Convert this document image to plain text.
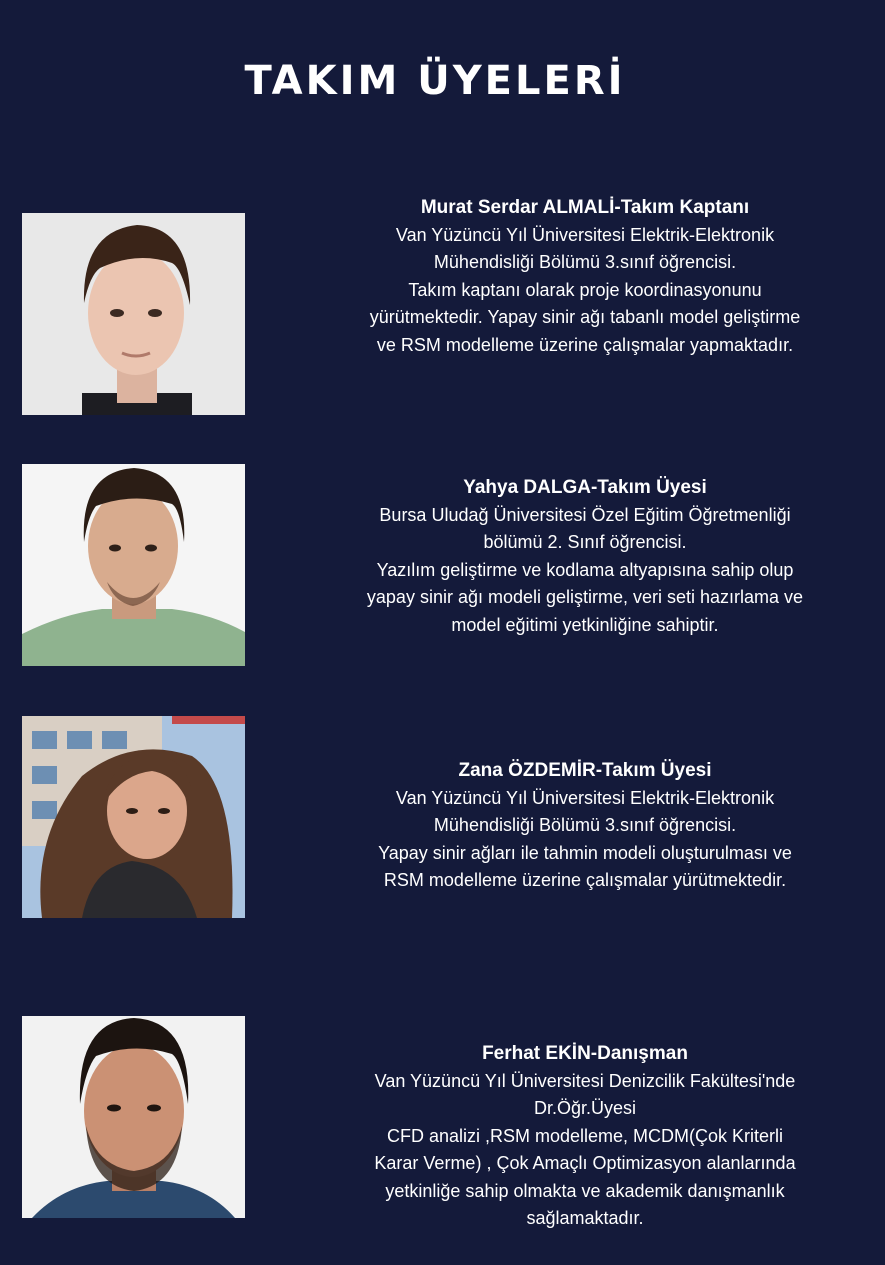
TAKIM ÜYELERİ
Murat Serdar ALMALİ-Takım Kaptanı
Van Yüzüncü Yıl Üniversitesi Elektrik-Elektronik
Mühendisliği Bölümü 3.sınıf öğrencisi.
Takım kaptanı olarak proje koordinasyonunu
yürütmektedir. Yapay sinir ağı tabanlı model geliştirme
ve RSM modelleme üzerine çalışmalar yapmaktadır.
Yahya DALGA-Takım Üyesi
Bursa Uludağ Üniversitesi Özel Eğitim Öğretmenliği
bölümü 2. Sınıf öğrencisi.
Yazılım geliştirme ve kodlama altyapısına sahip olup
yapay sinir ağı modeli geliştirme, veri seti hazırlama ve
model eğitimi yetkinliğine sahiptir.
Zana ÖZDEMİR-Takım Üyesi
Van Yüzüncü Yıl Üniversitesi Elektrik-Elektronik
Mühendisliği Bölümü 3.sınıf öğrencisi.
Yapay sinir ağları ile tahmin modeli oluşturulması ve
RSM modelleme üzerine çalışmalar yürütmektedir.
Ferhat EKİN-Danışman
Van Yüzüncü Yıl Üniversitesi Denizcilik Fakültesi'nde
Dr.Öğr.Üyesi
CFD analizi ,RSM modelleme, MCDM(Çok Kriterli
Karar Verme) , Çok Amaçlı Optimizasyon alanlarında
yetkinliğe sahip olmakta ve akademik danışmanlık
sağlamaktadır.
